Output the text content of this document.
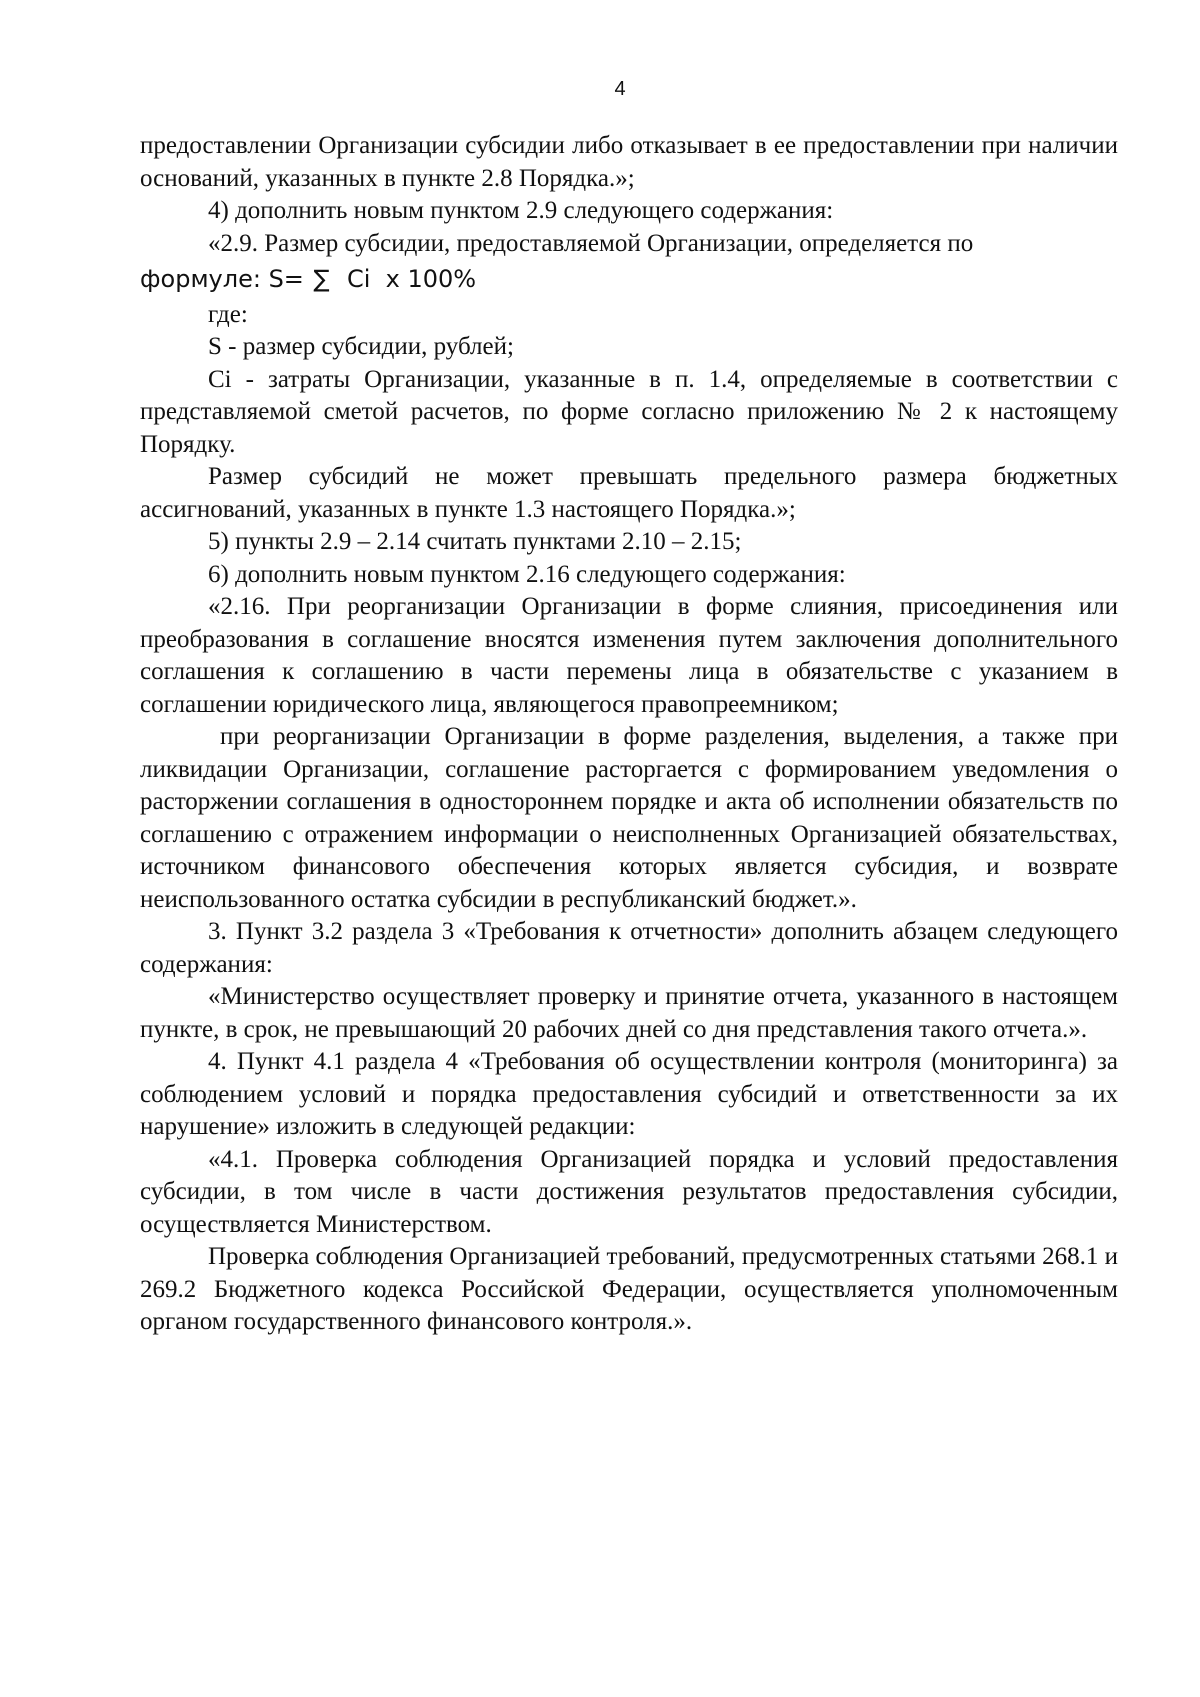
4

предоставлении Организации субсидии либо отказывает в ее предоставлении при наличии оснований, указанных в пункте 2.8 Порядка.»;

4) дополнить новым пунктом 2.9 следующего содержания:

«2.9. Размер субсидии, предоставляемой Организации, определяется по

формуле: S= ∑  Ci  x 100%

где:

S - размер субсидии, рублей;

Ci - затраты Организации, указанные в п. 1.4, определяемые в соответствии с представляемой сметой расчетов, по форме согласно приложению № 2 к настоящему Порядку.

Размер субсидий не может превышать предельного размера бюджетных ассигнований, указанных в пункте 1.3 настоящего Порядка.»;

5) пункты 2.9 – 2.14 считать пунктами 2.10 – 2.15;

6) дополнить новым пунктом 2.16 следующего содержания:

«2.16. При реорганизации Организации в форме слияния, присоединения или преобразования в соглашение вносятся изменения путем заключения дополнительного соглашения к соглашению в части перемены лица в обязательстве с указанием в соглашении юридического лица, являющегося правопреемником;

при реорганизации Организации в форме разделения, выделения, а также при ликвидации Организации, соглашение расторгается с формированием уведомления о расторжении соглашения в одностороннем порядке и акта об исполнении обязательств по соглашению с отражением информации о неисполненных Организацией обязательствах, источником финансового обеспечения которых является субсидия, и возврате неиспользованного остатка субсидии в республиканский бюджет.».

3. Пункт 3.2 раздела 3 «Требования к отчетности» дополнить абзацем следующего содержания:

«Министерство осуществляет проверку и принятие отчета, указанного в настоящем пункте, в срок, не превышающий 20 рабочих дней со дня представления такого отчета.».

4. Пункт 4.1 раздела 4 «Требования об осуществлении контроля (мониторинга) за соблюдением условий и порядка предоставления субсидий и ответственности за их нарушение» изложить в следующей редакции:

«4.1. Проверка соблюдения Организацией порядка и условий предоставления субсидии, в том числе в части достижения результатов предоставления субсидии, осуществляется Министерством.

Проверка соблюдения Организацией требований, предусмотренных статьями 268.1 и 269.2 Бюджетного кодекса Российской Федерации, осуществляется уполномоченным органом государственного финансового контроля.».
